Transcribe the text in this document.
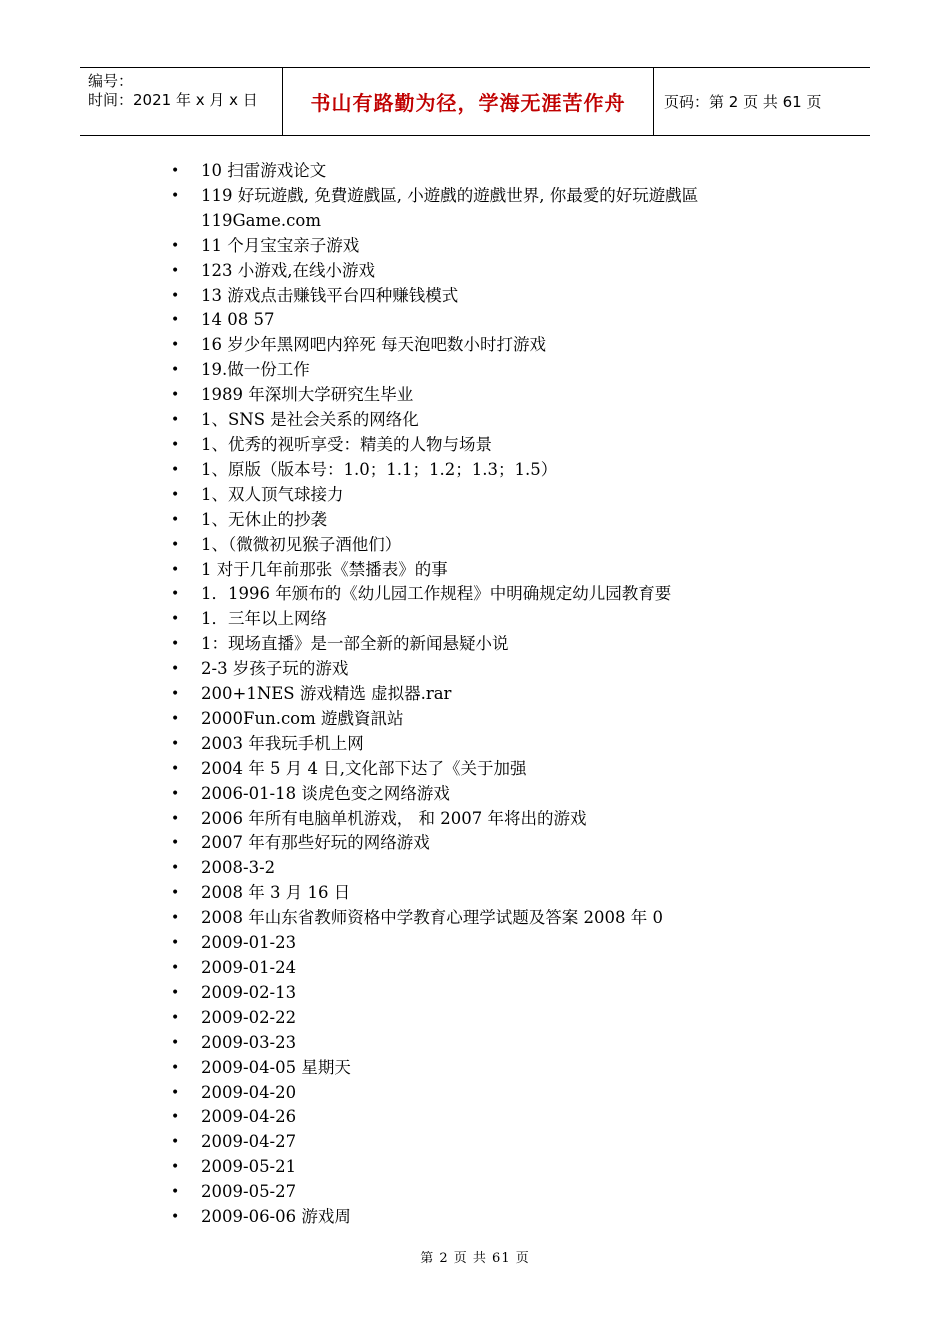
编号：
时间：2021 年 x 月 x 日	书山有路勤为径，学海无涯苦作舟	页码：第 2 页 共 61 页
• 10 扫雷游戏论文
• 119 好玩遊戲, 免費遊戲區, 小遊戲的遊戲世界, 你最愛的好玩遊戲區
119Game.com
• 11 个月宝宝亲子游戏
• 123 小游戏,在线小游戏
• 13 游戏点击赚钱平台四种赚钱模式
• 14 08 57
• 16 岁少年黑网吧内猝死 每天泡吧数小时打游戏
• 19.做一份工作
• 1989 年深圳大学研究生毕业
• 1、SNS 是社会关系的网络化
• 1、优秀的视听享受：精美的人物与场景
• 1、原版（版本号：1.0；1.1；1.2；1.3；1.5）
• 1、双人顶气球接力
• 1、无休止的抄袭
• 1、（微微初见猴子酒他们）
• 1 对于几年前那张《禁播表》的事
• 1．1996 年颁布的《幼儿园工作规程》中明确规定幼儿园教育要
• 1．三年以上网络
• 1：现场直播》是一部全新的新闻悬疑小说
• 2-3 岁孩子玩的游戏
• 200+1NES 游戏精选 虚拟器.rar
• 2000Fun.com 遊戲資訊站
• 2003 年我玩手机上网
• 2004 年 5 月 4 日,文化部下达了《关于加强
• 2006-01-18 谈虎色变之网络游戏
• 2006 年所有电脑单机游戏， 和 2007 年将出的游戏
• 2007 年有那些好玩的网络游戏
• 2008-3-2
• 2008 年 3 月 16 日
• 2008 年山东省教师资格中学教育心理学试题及答案 2008 年 0
• 2009-01-23
• 2009-01-24
• 2009-02-13
• 2009-02-22
• 2009-03-23
• 2009-04-05 星期天
• 2009-04-20
• 2009-04-26
• 2009-04-27
• 2009-05-21
• 2009-05-27
• 2009-06-06 游戏周
第 2 页 共 61 页
